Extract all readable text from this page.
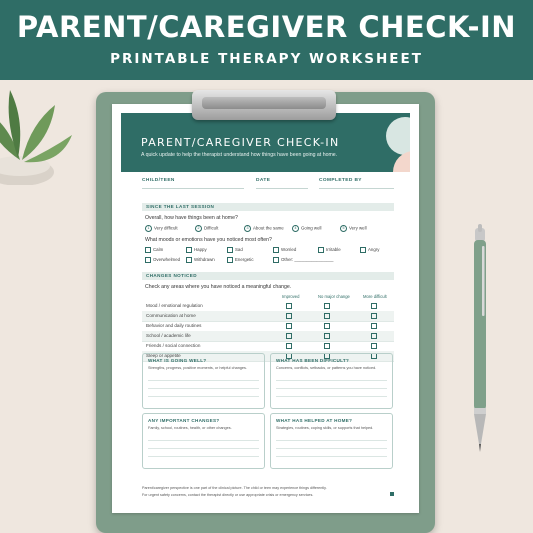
PARENT/CAREGIVER CHECK-IN
PRINTABLE THERAPY WORKSHEET
PARENT/CAREGIVER CHECK-IN
A quick update to help the therapist understand how things have been going at home.
CHILD/TEEN	DATE	COMPLETED BY
SINCE THE LAST SESSION
Overall, how have things been at home?
1 Very difficult	2 Difficult	3 About the same	4 Going well	5 Very well
What moods or emotions have you noticed most often?
Calm	Happy	Sad	Worried	Irritable	Angry
Overwhelmed	Withdrawn	Energetic	Other: ________________
CHANGES NOTICED
Check any areas where you have noticed a meaningful change.
Improved	No major change	More difficult
Mood / emotional regulation
Communication at home
Behavior and daily routines
School / academic life
Friends / social connection
Sleep or appetite
WHAT IS GOING WELL?
Strengths, progress, positive moments, or helpful changes.
WHAT HAS BEEN DIFFICULT?
Concerns, conflicts, setbacks, or patterns you have noticed.
ANY IMPORTANT CHANGES?
Family, school, routines, health, or other changes.
WHAT HAS HELPED AT HOME?
Strategies, routines, coping skills, or supports that helped.
Parent/caregiver perspective is one part of the clinical picture. The child or teen may experience things differently.
For urgent safety concerns, contact the therapist directly or use appropriate crisis or emergency services.
